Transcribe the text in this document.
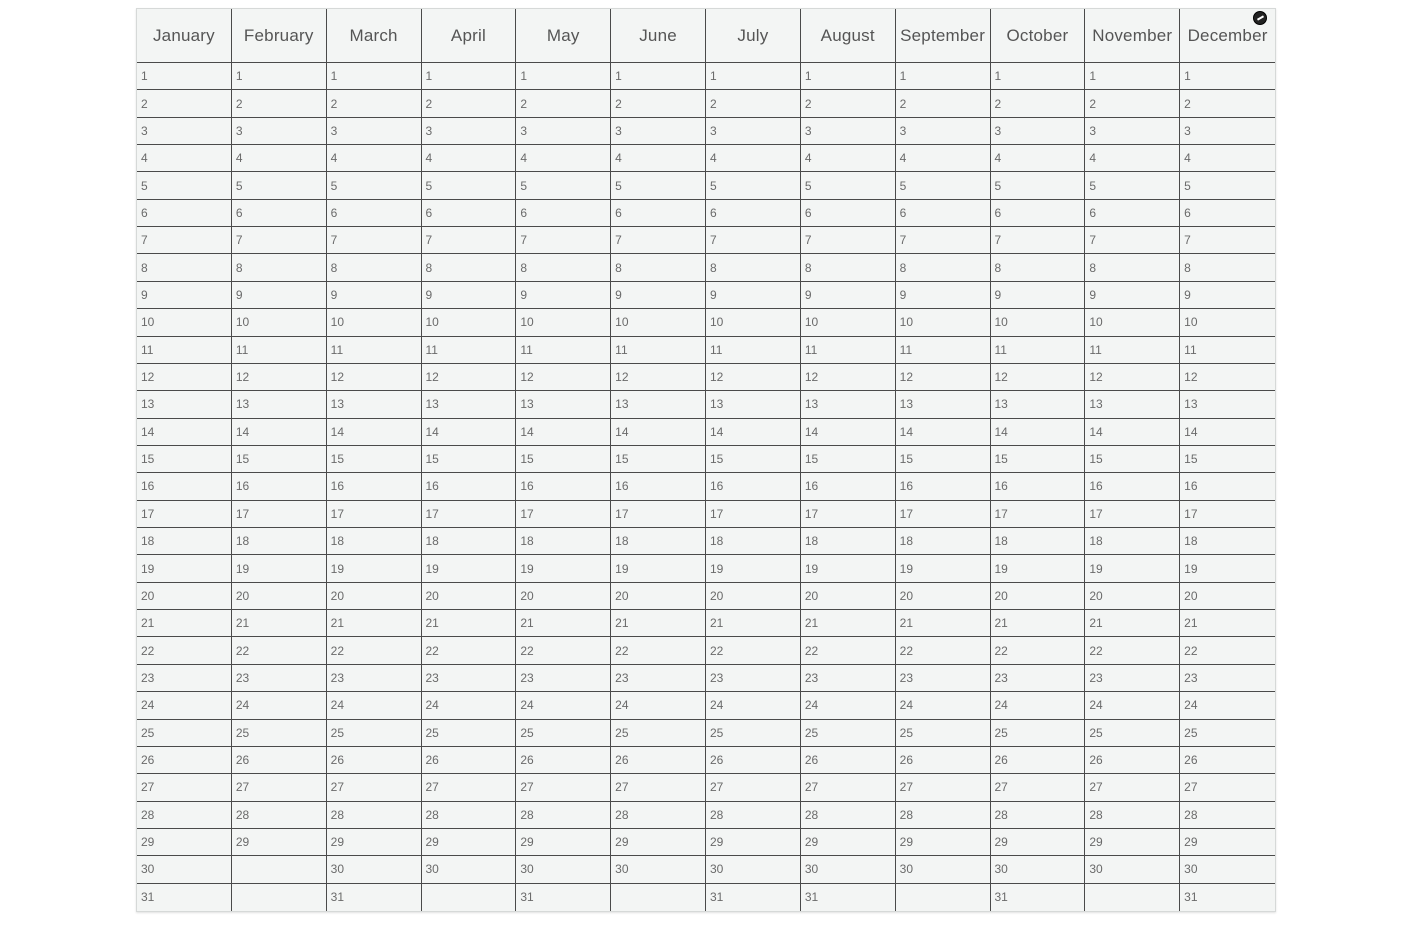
January
1
2
3
4
5
6
7
8
9
10
11
12
13
14
15
16
17
18
19
20
21
22
23
24
25
26
27
28
29
30
31
February
1
2
3
4
5
6
7
8
9
10
11
12
13
14
15
16
17
18
19
20
21
22
23
24
25
26
27
28
29
March
1
2
3
4
5
6
7
8
9
10
11
12
13
14
15
16
17
18
19
20
21
22
23
24
25
26
27
28
29
30
31
April
1
2
3
4
5
6
7
8
9
10
11
12
13
14
15
16
17
18
19
20
21
22
23
24
25
26
27
28
29
30
May
1
2
3
4
5
6
7
8
9
10
11
12
13
14
15
16
17
18
19
20
21
22
23
24
25
26
27
28
29
30
31
June
1
2
3
4
5
6
7
8
9
10
11
12
13
14
15
16
17
18
19
20
21
22
23
24
25
26
27
28
29
30
July
1
2
3
4
5
6
7
8
9
10
11
12
13
14
15
16
17
18
19
20
21
22
23
24
25
26
27
28
29
30
31
August
1
2
3
4
5
6
7
8
9
10
11
12
13
14
15
16
17
18
19
20
21
22
23
24
25
26
27
28
29
30
31
September
1
2
3
4
5
6
7
8
9
10
11
12
13
14
15
16
17
18
19
20
21
22
23
24
25
26
27
28
29
30
October
1
2
3
4
5
6
7
8
9
10
11
12
13
14
15
16
17
18
19
20
21
22
23
24
25
26
27
28
29
30
31
November
1
2
3
4
5
6
7
8
9
10
11
12
13
14
15
16
17
18
19
20
21
22
23
24
25
26
27
28
29
30
December
1
2
3
4
5
6
7
8
9
10
11
12
13
14
15
16
17
18
19
20
21
22
23
24
25
26
27
28
29
30
31
